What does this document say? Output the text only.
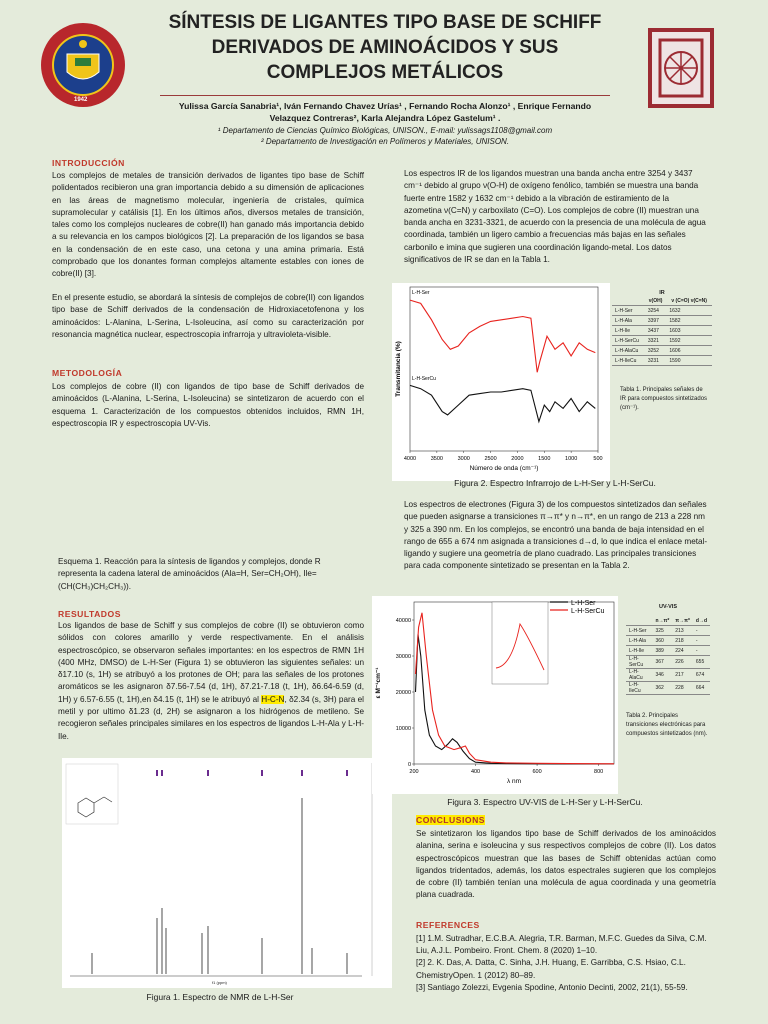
1942
SÍNTESIS DE LIGANTES TIPO BASE DE SCHIFF DERIVADOS DE AMINOÁCIDOS Y SUS COMPLEJOS METÁLICOS
Yulissa García Sanabria¹, Iván Fernando Chavez Urías¹ , Fernando Rocha Alonzo¹ , Enrique Fernando
Velazquez Contreras², Karla Alejandra López Gastelum¹ .
¹ Departamento de Ciencias Químico Biológicas, UNISON., E-mail: yulissags1108@gmail.com
² Departamento de Investigación en Polímeros y Materiales, UNISON.
INTRODUCCIÓN
Los complejos de metales de transición derivados de ligantes tipo base de Schiff polidentados recibieron una gran importancia debido a su dimensión de aplicaciones en las áreas de magnetismo molecular, ingeniería de cristales, química supramolecular y catálisis [1]. En los últimos años, diversos metales de transición, tales como los complejos nucleares de cobre(II) han ganado más importancia debido a su relevancia en los campos biológicos [2]. La preparación de los ligandos se basa en la condensación de en este caso, una cetona y una amina primaria. Está comprobado que los donantes forman complejos altamente estables con iones de cobre(II) [3].
En el presente estudio, se abordará la síntesis de complejos de cobre(II) con ligandos tipo base de Schiff derivados de la condensación de Hidroxiacetofenona y los aminoácidos: L-Alanina, L-Serina, L-Isoleucina, así como su caracterización por resonancia magnética nuclear, espectroscopia infrarroja y ultravioleta-visible.
METODOLOGÍA
Los complejos de cobre (II) con ligandos de tipo base de Schiff derivados de aminoácidos (L-Alanina, L-Serina, L-Isoleucina) se sintetizaron de acuerdo con el esquema 1. Caracterización de los compuestos obtenidos incluidos, RMN 1H, espectroscopia IR y espectroscopia UV-Vis.
Esquema 1. Reacción para la síntesis de ligandos y complejos, donde R representa la cadena lateral de aminoácidos (Ala=H, Ser=CH₂OH), Ile=(CH(CH₃)CH₂CH₃)).
RESULTADOS
Los ligandos de base de Schiff y sus complejos de cobre (II) se obtuvieron como sólidos con colores amarillo y verde respectivamente. En el análisis espectroscópico, se observaron señales importantes: en los espectros de RMN 1H (400 MHz, DMSO) de L-H-Ser (Figura 1) se obtuvieron las siguientes señales: un δ17.10 (s, 1H) se atribuyó a los protones de OH; para las señales de los protones aromáticos se les asignaron δ7.56-7.54 (d, 1H), δ7.21-7.18 (t, 1H), δ6.64-6.59 (d, 1H) y 6.57-6.55 (t, 1H),en δ4.15 (t, 1H) se le atribuyó al H-C-N, δ2.34 (s, 3H) para el metil y por ultimo δ1.23 (d, 2H) se asignaron a los hidrógenos de metileno. Se recogieron señales principales similares en los espectros de ligandos L-H-Ala y L-H-Ile.
f1 (ppm)
Figura 1. Espectro de NMR de L-H-Ser
Los espectros IR de los ligandos muestran una banda ancha entre 3254 y 3437 cm⁻¹ debido al grupo ν(O-H) de oxígeno fenólico, también se muestra una banda fuerte entre 1582 y 1632 cm⁻¹ debido a la vibración de estiramiento de la azometina ν(C=N) y carboxilato (C=O). Los complejos de cobre (II) muestran una banda ancha en 3231-3321, de acuerdo con la presencia de una molécula de agua coordinada, también un ligero cambio a frecuencias más bajas en las señales carbonilo e imina que sugieren una coordinación ligando-metal. Los datos significativos de IR se dan en la Tabla 1.
4000	3500	3000	2500	2000	1500	1000	500
Número de onda (cm⁻¹)
Transmitancia (%)
L-H-Ser
L-H-SerCu
Figura 2. Espectro Infrarrojo de L-H-Ser y L-H-SerCu.
IR
	ν(OH)	ν (C=O) ν(C=N)
L-H-Ser	3254	1632
L-H-Ala	3397	1582
L-H-Ile	3437	1603
L-H-SerCu	3321	1592
L-H-AlaCu	3252	1606
L-H-IleCu	3231	1590
Tabla 1. Principales señales de IR para compuestos sintetizados (cm⁻¹).
Los espectros de electrones (Figura 3) de los compuestos sintetizados dan señales que pueden asignarse a transiciones π→π* y n→π*, en un rango de 213 a 228 nm y 325 a 390 nm. En los complejos, se encontró una banda de baja intensidad en el rango de 655 a 674 nm asignada a transiciones d→d, lo que indica el enlace metal-ligando y sugiere una geometría de plano cuadrado. Las principales transiciones para cada componente sintetizado se presentan en la Tabla 2.
200	400	600	800
0
10000
20000
30000
40000
λ nm
ε M⁻¹cm⁻¹
L-H-Ser
L-H-SerCu
Figura 3. Espectro UV-VIS de L-H-Ser y L-H-SerCu.
UV-VIS
	n→π*	π→π*	d→d
L-H-Ser	325	213	-
L-H-Ala	360	218	-
L-H-Ile	389	224	-
L-H-SerCu	367	226	655
L-H-AlaCu	346	217	674
L-H-IleCu	362	228	664
Tabla 2. Principales transiciones electrónicas para compuestos sintetizados (nm).
CONCLUSIONS
Se sintetizaron los ligandos tipo base de Schiff derivados de los aminoácidos alanina, serina e isoleucina y sus respectivos complejos de cobre (II). Los datos espectroscópicos muestran que las bases de Schiff obtenidas actúan como ligandos tridentados, además, los datos espectrales sugieren que los complejos de cobre (II) también tenían una molécula de agua coordinada y una geometría plana cuadrada.
REFERENCES
[1] 1.M. Sutradhar, E.C.B.A. Alegria, T.R. Barman, M.F.C. Guedes da Silva, C.M. Liu, A.J.L. Pombeiro. Front. Chem. 8 (2020) 1–10.
[2] 2. K. Das, A. Datta, C. Sinha, J.H. Huang, E. Garribba, C.S. Hsiao, C.L. ChemistryOpen. 1 (2012) 80–89.
[3] Santiago Zolezzi, Evgenia Spodine, Antonio Decinti, 2002, 21(1), 55-59.
